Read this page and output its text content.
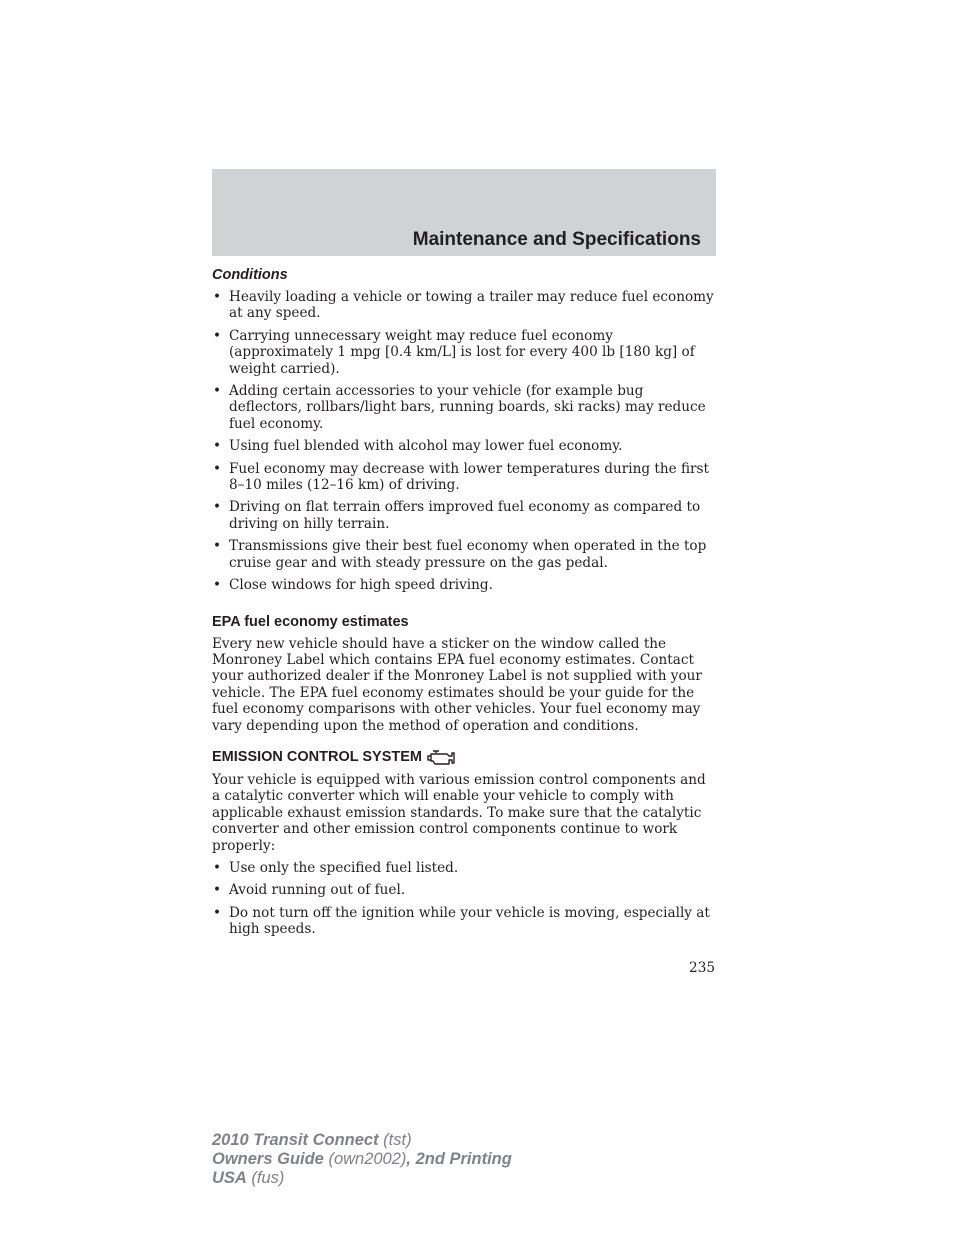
Maintenance and Specifications
Conditions
• Heavily loading a vehicle or towing a trailer may reduce fuel economy at any speed.
• Carrying unnecessary weight may reduce fuel economy (approximately 1 mpg [0.4 km/L] is lost for every 400 lb [180 kg] of weight carried).
• Adding certain accessories to your vehicle (for example bug deflectors, rollbars/light bars, running boards, ski racks) may reduce fuel economy.
• Using fuel blended with alcohol may lower fuel economy.
• Fuel economy may decrease with lower temperatures during the first 8–10 miles (12–16 km) of driving.
• Driving on flat terrain offers improved fuel economy as compared to driving on hilly terrain.
• Transmissions give their best fuel economy when operated in the top cruise gear and with steady pressure on the gas pedal.
• Close windows for high speed driving.
EPA fuel economy estimates

Every new vehicle should have a sticker on the window called the Monroney Label which contains EPA fuel economy estimates. Contact your authorized dealer if the Monroney Label is not supplied with your vehicle. The EPA fuel economy estimates should be your guide for the fuel economy comparisons with other vehicles. Your fuel economy may vary depending upon the method of operation and conditions.

EMISSION CONTROL SYSTEM

Your vehicle is equipped with various emission control components and a catalytic converter which will enable your vehicle to comply with applicable exhaust emission standards. To make sure that the catalytic converter and other emission control components continue to work properly:

• Use only the specified fuel listed.
• Avoid running out of fuel.
• Do not turn off the ignition while your vehicle is moving, especially at high speeds.
235
2010 Transit Connect (tst)
Owners Guide (own2002), 2nd Printing
USA (fus)
